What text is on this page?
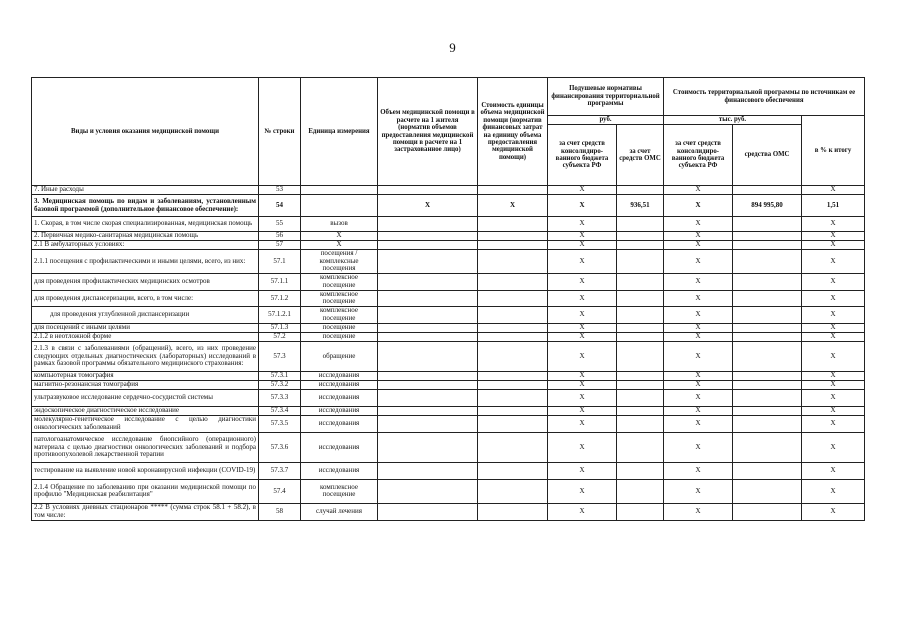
9
Виды и условия оказания медицинской помощи	№ строки	Единица измерения	Объем медицинской помощи в расчете на 1 жителя (норматив объемов предоставления медицинской помощи в расчете на 1 застрахованное лицо)	Стоимость единицы объема медицинской помощи (норматив финансовых затрат на единицу объема предоставления медицинской помощи)	Подушевые нормативы финансирования территориальной программы		Стоимость территориальной программы по источникам ее финансового обеспечения		
					руб.		тыс. руб.		в % к итогу
					за счет средств консолидиро-ванного бюджета субъекта РФ	за счет средств ОМС	за счет средств консолидиро-ванного бюджета субъекта РФ	средства ОМС	
7. Иные расходы	53				X		X		X
3. Медицинская помощь по видам и заболеваниям, установленным базовой программой (дополнительное финансовое обеспечение):	54		X	X	X	936,51	X	894 995,80	1,51
1. Скорая, в том числе скорая специализированная, медицинская помощь	55	вызов			X		X		X
2. Первичная медико-санитарная медицинская помощь	56	X			X		X		X
2.1 В амбулаторных условиях:	57	X			X		X		X
2.1.1 посещения с профилактическими и иными целями, всего, из них:	57.1	посещения / комплексные посещения			X		X		X
для проведения профилактических медицинских осмотров	57.1.1	комплексное посещение			X		X		X
для проведения диспансеризации, всего, в том числе:	57.1.2	комплексное посещение			X		X		X
для проведения углубленной диспансеризации	57.1.2.1	комплексное посещение			X		X		X
для посещений с иными целями	57.1.3	посещение			X		X		X
2.1.2 в неотложной форме	57.2	посещение			X		X		X
2.1.3 в связи с заболеваниями (обращений), всего, из них проведение следующих отдельных диагностических (лабораторных) исследований в рамках базовой программы обязательного медицинского страхования:	57.3	обращение			X		X		X
компьютерная томография	57.3.1	исследования			X		X		X
магнитно-резонансная томография	57.3.2	исследования			X		X		X
ультразвуковое исследование сердечно-сосудистой системы	57.3.3	исследования			X		X		X
эндоскопическое диагностическое исследование	57.3.4	исследования			X		X		X
молекулярно-генетическое исследование с целью диагностики онкологических заболеваний	57.3.5	исследования			X		X		X
патологоанатомическое исследование биопсийного (операционного) материала с целью диагностики онкологических заболеваний и подбора противоопухолевой лекарственной терапии	57.3.6	исследования			X		X		X
тестирование на выявление новой коронавирусной инфекции (COVID-19)	57.3.7	исследования			X		X		X
2.1.4 Обращение по заболеванию при оказании медицинской помощи по профилю "Медицинская реабилитация"	57.4	комплексное посещение			X		X		X
2.2 В условиях дневных стационаров ***** (сумма строк 58.1 + 58.2), в том числе:	58	случай лечения			X		X		X
